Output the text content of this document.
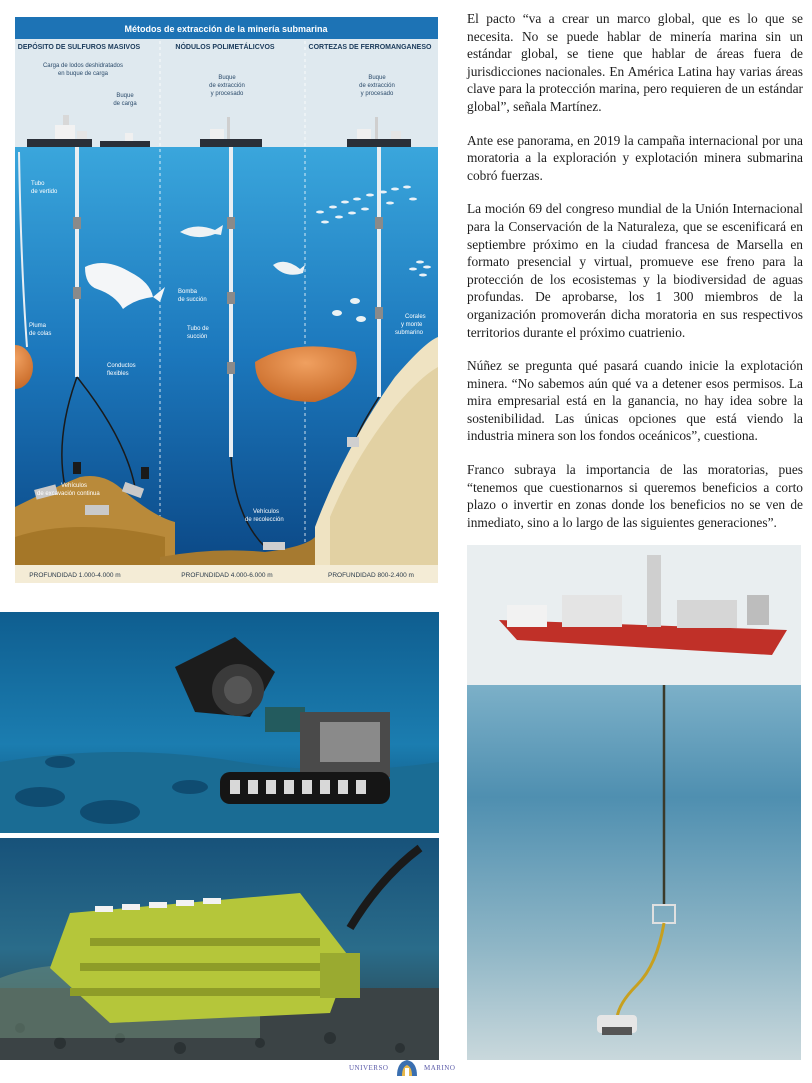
Métodos de extracción de la minería submarina
DEPÓSITO DE SULFUROS MASIVOS	NÓDULOS POLIMETÁLICVOS	CORTEZAS DE FERROMANGANESO
Carga de lodos deshidratados
en buque de carga
Buque
de carga
Buque
de extracción
y procesado
Buque
de extracción
y procesado
Tubo
de vertido
Pluma
de colas
Conductos
flexibles
Vehículos
de excavación continua
Bomba
de succión
Tubo de
succión
Vehículos
de recolección
Corales
y monte
submarino
PROFUNDIDAD 1.000-4.000 m	PROFUNDIDAD 4.000-6.000 m	PROFUNDIDAD 800-2.400 m

El pacto “va a crear un marco global, que es lo que se necesita. No se puede hablar de minería marina sin un estándar global, se tiene que hablar de áreas fuera de jurisdicciones nacionales. En América Latina hay varias áreas clave para la protección marina, pero requieren de un estándar global”, señala Martínez.

Ante ese panorama, en 2019 la campaña internacional por una moratoria a la exploración y explotación minera submarina cobró fuerzas.

La moción 69 del congreso mundial de la Unión Internacional para la Conservación de la Naturaleza, que se escenificará en septiembre próximo en la ciudad francesa de Marsella en formato presencial y virtual, promueve ese freno para la protección de los ecosistemas y la biodiversidad de aguas profundas. De aprobarse, los 1 300 miembros de la organización promoverán dicha moratoria en sus respectivos territorios durante el próximo cuatrienio.

Núñez se pregunta qué pasará cuando inicie la explotación minera. “No sabemos aún qué va a detener esos permisos. La mira empresarial está en la ganancia, no hay idea sobre la sostenibilidad. Las únicas opciones que está viendo la industria minera son los fondos oceánicos”, cuestiona.

Franco subraya la importancia de las moratorias, pues “tenemos que cuestionarnos si queremos beneficios a corto plazo o invertir en zonas donde los beneficios no se ven de inmediato, sino a lo largo de las siguientes generaciones”.

UNIVERSO	MARINO
